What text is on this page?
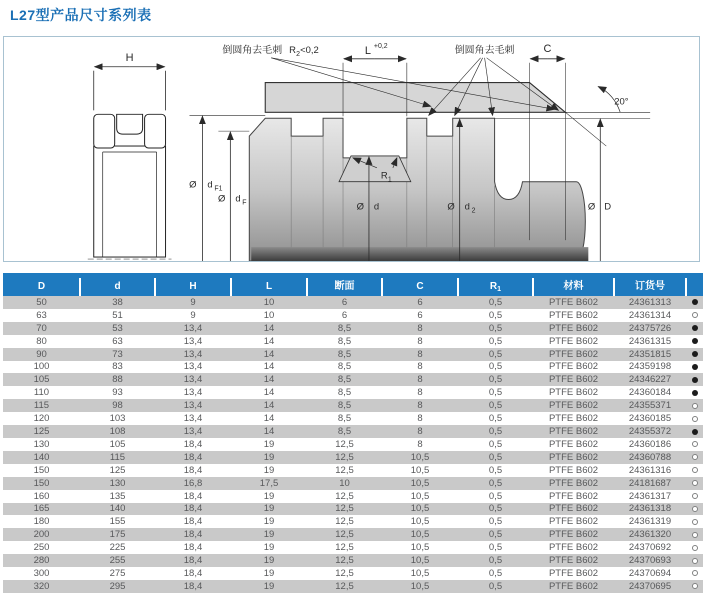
L27型产品尺寸系列表
R 1
H
L +0,2	C
20°
倒圆角去毛刺 R 2 <0,2	倒圆角去毛刺
Ø d F1
Ø d F	Ø d	Ø d 2	Ø D
D	d	H	L	断面	C	R 1	材料	订货号
50	38	9	10	6	6	0,5	PTFE B602	24361313
63	51	9	10	6	6	0,5	PTFE B602	24361314
70	53	13,4	14	8,5	8	0,5	PTFE B602	24375726
80	63	13,4	14	8,5	8	0,5	PTFE B602	24361315
90	73	13,4	14	8,5	8	0,5	PTFE B602	24351815
100	83	13,4	14	8,5	8	0,5	PTFE B602	24359198
105	88	13,4	14	8,5	8	0,5	PTFE B602	24346227
110	93	13,4	14	8,5	8	0,5	PTFE B602	24360184
115	98	13,4	14	8,5	8	0,5	PTFE B602	24355371
120	103	13,4	14	8,5	8	0,5	PTFE B602	24360185
125	108	13,4	14	8,5	8	0,5	PTFE B602	24355372
130	105	18,4	19	12,5	8	0,5	PTFE B602	24360186
140	115	18,4	19	12,5	10,5	0,5	PTFE B602	24360788
150	125	18,4	19	12,5	10,5	0,5	PTFE B602	24361316
150	130	16,8	17,5	10	10,5	0,5	PTFE B602	24181687
160	135	18,4	19	12,5	10,5	0,5	PTFE B602	24361317
165	140	18,4	19	12,5	10,5	0,5	PTFE B602	24361318
180	155	18,4	19	12,5	10,5	0,5	PTFE B602	24361319
200	175	18,4	19	12,5	10,5	0,5	PTFE B602	24361320
250	225	18,4	19	12,5	10,5	0,5	PTFE B602	24370692
280	255	18,4	19	12,5	10,5	0,5	PTFE B602	24370693
300	275	18,4	19	12,5	10,5	0,5	PTFE B602	24370694
320	295	18,4	19	12,5	10,5	0,5	PTFE B602	24370695
